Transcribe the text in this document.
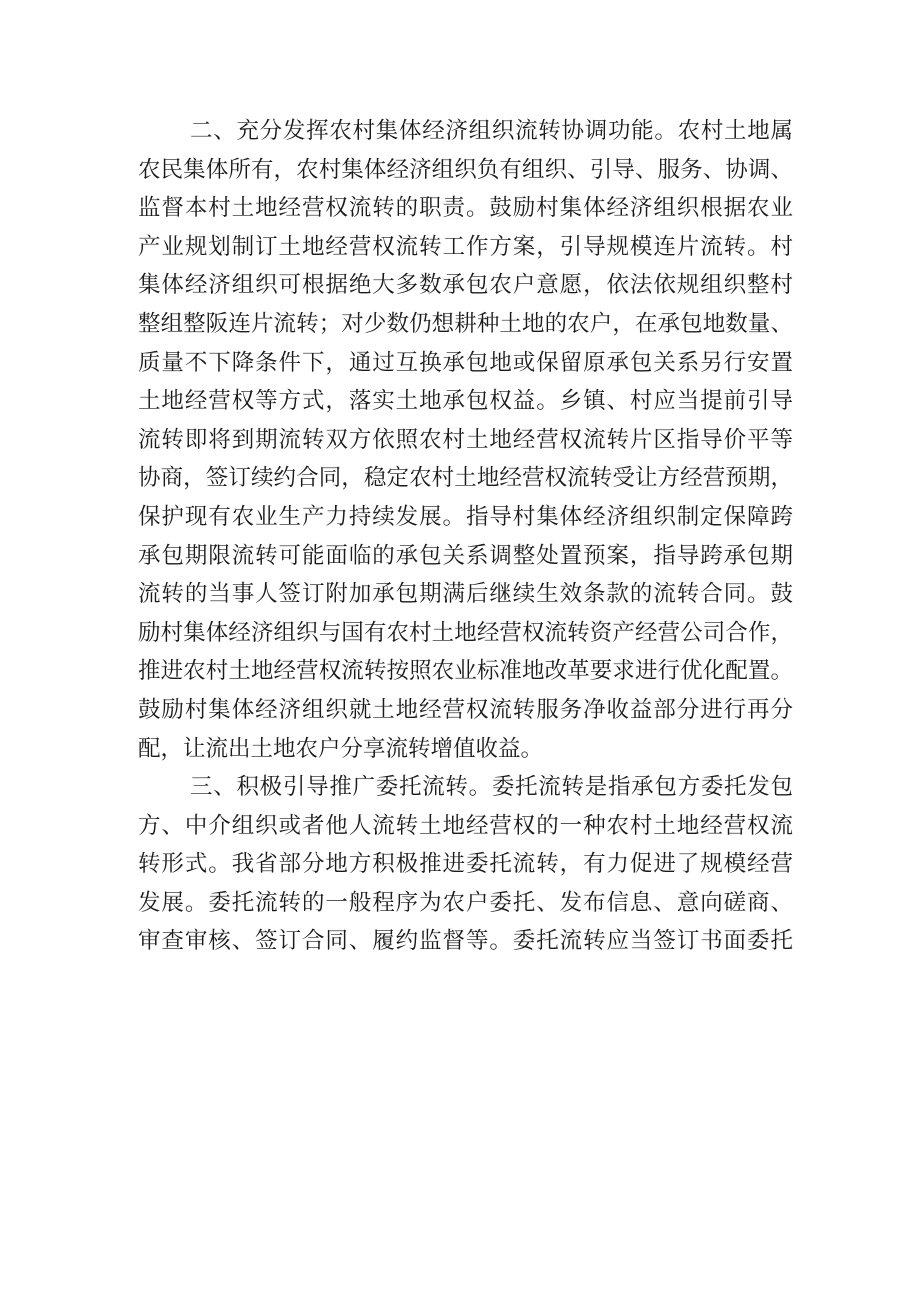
二、充分发挥农村集体经济组织流转协调功能。农村土地属
农民集体所有，农村集体经济组织负有组织、引导、服务、协调、
监督本村土地经营权流转的职责。鼓励村集体经济组织根据农业
产业规划制订土地经营权流转工作方案，引导规模连片流转。村
集体经济组织可根据绝大多数承包农户意愿，依法依规组织整村
整组整阪连片流转；对少数仍想耕种土地的农户，在承包地数量、
质量不下降条件下，通过互换承包地或保留原承包关系另行安置
土地经营权等方式，落实土地承包权益。乡镇、村应当提前引导
流转即将到期流转双方依照农村土地经营权流转片区指导价平等
协商，签订续约合同，稳定农村土地经营权流转受让方经营预期，
保护现有农业生产力持续发展。指导村集体经济组织制定保障跨
承包期限流转可能面临的承包关系调整处置预案，指导跨承包期
流转的当事人签订附加承包期满后继续生效条款的流转合同。鼓
励村集体经济组织与国有农村土地经营权流转资产经营公司合作，
推进农村土地经营权流转按照农业标准地改革要求进行优化配置。
鼓励村集体经济组织就土地经营权流转服务净收益部分进行再分
配，让流出土地农户分享流转增值收益。
三、积极引导推广委托流转。委托流转是指承包方委托发包
方、中介组织或者他人流转土地经营权的一种农村土地经营权流
转形式。我省部分地方积极推进委托流转，有力促进了规模经营
发展。委托流转的一般程序为农户委托、发布信息、意向磋商、
审查审核、签订合同、履约监督等。委托流转应当签订书面委托
